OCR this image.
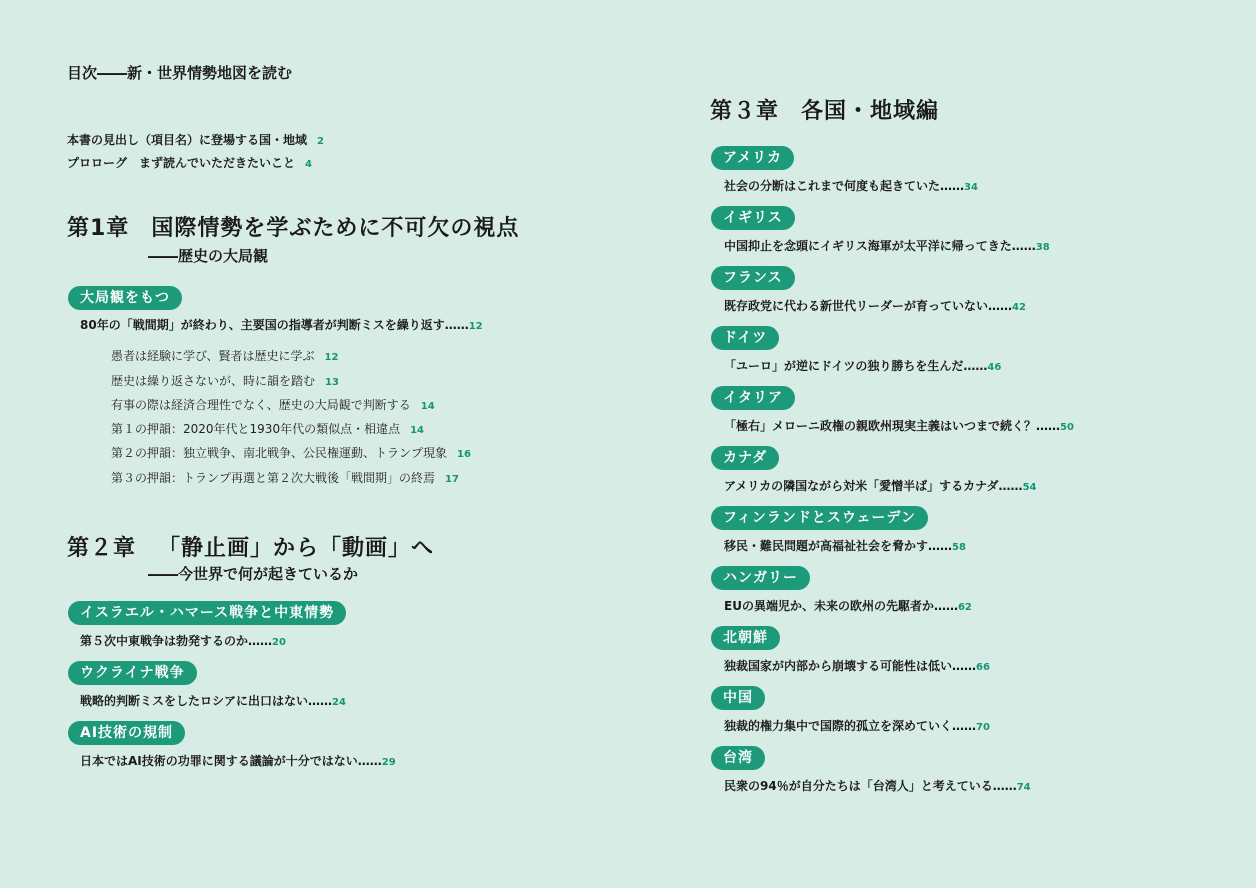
目次――新・世界情勢地図を読む
本書の見出し（項目名）に登場する国・地域 2
プロローグ　まず読んでいただきたいこと 4
第1章 国際情勢を学ぶために不可欠の視点
――歴史の大局観
大局観をもつ
80年の「戦間期」が終わり、主要国の指導者が判断ミスを繰り返す……12
愚者は経験に学び、賢者は歴史に学ぶ 12
歴史は繰り返さないが、時に韻を踏む 13
有事の際は経済合理性でなく、歴史の大局観で判断する 14
第１の押韻：2020年代と1930年代の類似点・相違点 14
第２の押韻：独立戦争、南北戦争、公民権運動、トランプ現象 16
第３の押韻：トランプ再選と第２次大戦後「戦間期」の終焉 17
第２章 「静止画」から「動画」へ
――今世界で何が起きているか
イスラエル・ハマース戦争と中東情勢
第５次中東戦争は勃発するのか……20
ウクライナ戦争
戦略的判断ミスをしたロシアに出口はない……24
AI技術の規制
日本ではAI技術の功罪に関する議論が十分ではない……29
第３章 各国・地域編
アメリカ
社会の分断はこれまで何度も起きていた……34
イギリス
中国抑止を念頭にイギリス海軍が太平洋に帰ってきた……38
フランス
既存政党に代わる新世代リーダーが育っていない……42
ドイツ
「ユーロ」が逆にドイツの独り勝ちを生んだ……46
イタリア
「極右」メローニ政権の親欧州現実主義はいつまで続く？……50
カナダ
アメリカの隣国ながら対米「愛憎半ば」するカナダ……54
フィンランドとスウェーデン
移民・難民問題が高福祉社会を脅かす……58
ハンガリー
EUの異端児か、未来の欧州の先駆者か……62
北朝鮮
独裁国家が内部から崩壊する可能性は低い……66
中国
独裁的権力集中で国際的孤立を深めていく……70
台湾
民衆の94％が自分たちは「台湾人」と考えている……74
